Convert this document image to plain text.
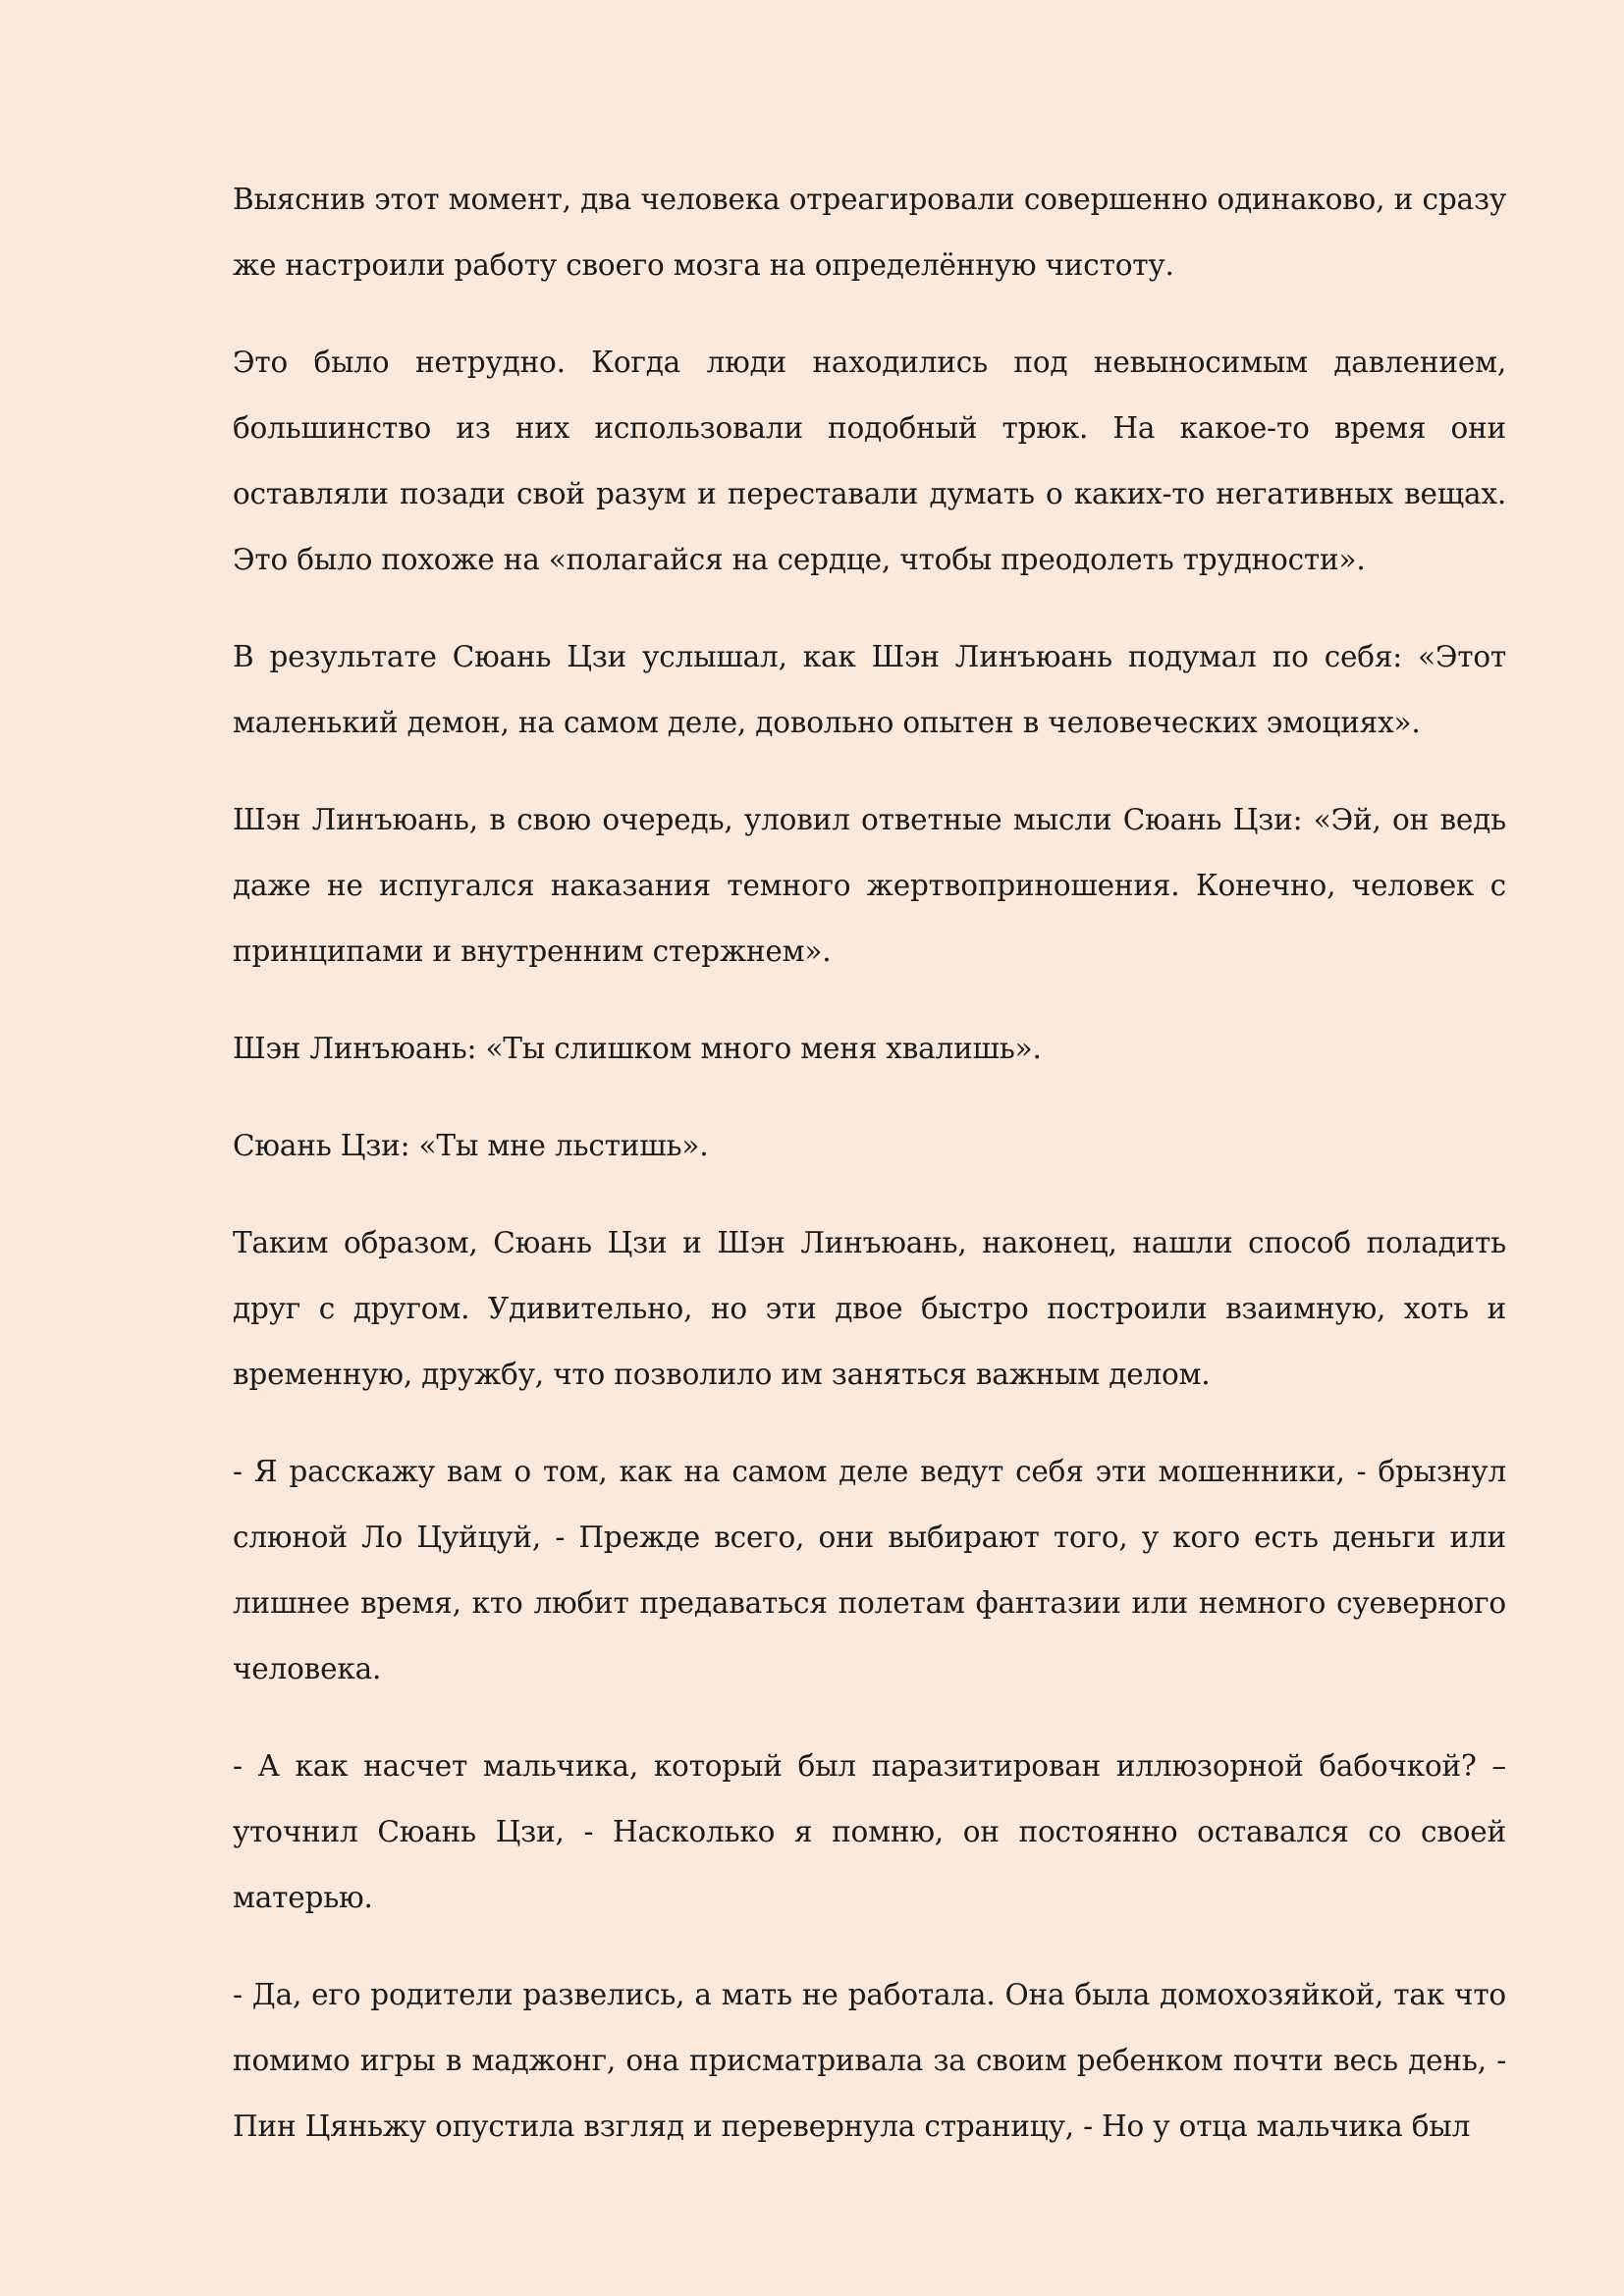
Выяснив этот момент, два человека отреагировали совершенно одинаково, и сразу же настроили работу своего мозга на определённую чистоту.

Это было нетрудно. Когда люди находились под невыносимым давлением, большинство из них использовали подобный трюк. На какое-то время они оставляли позади свой разум и переставали думать о каких-то негативных вещах. Это было похоже на «полагайся на сердце, чтобы преодолеть трудности».

В результате Сюань Цзи услышал, как Шэн Линъюань подумал по себя: «Этот маленький демон, на самом деле, довольно опытен в человеческих эмоциях».

Шэн Линъюань, в свою очередь, уловил ответные мысли Сюань Цзи: «Эй, он ведь даже не испугался наказания темного жертвоприношения. Конечно, человек с принципами и внутренним стержнем».

Шэн Линъюань: «Ты слишком много меня хвалишь».

Сюань Цзи: «Ты мне льстишь».

Таким образом, Сюань Цзи и Шэн Линъюань, наконец, нашли способ поладить друг с другом. Удивительно, но эти двое быстро построили взаимную, хоть и временную, дружбу, что позволило им заняться важным делом.

- Я расскажу вам о том, как на самом деле ведут себя эти мошенники, - брызнул слюной Ло Цуйцуй, - Прежде всего, они выбирают того, у кого есть деньги или лишнее время, кто любит предаваться полетам фантазии или немного суеверного человека.

- А как насчет мальчика, который был паразитирован иллюзорной бабочкой? – уточнил Сюань Цзи, - Насколько я помню, он постоянно оставался со своей матерью.

- Да, его родители развелись, а мать не работала. Она была домохозяйкой, так что помимо игры в маджонг, она присматривала за своим ребенком почти весь день, - Пин Цяньжу опустила взгляд и перевернула страницу, - Но у отца мальчика был
